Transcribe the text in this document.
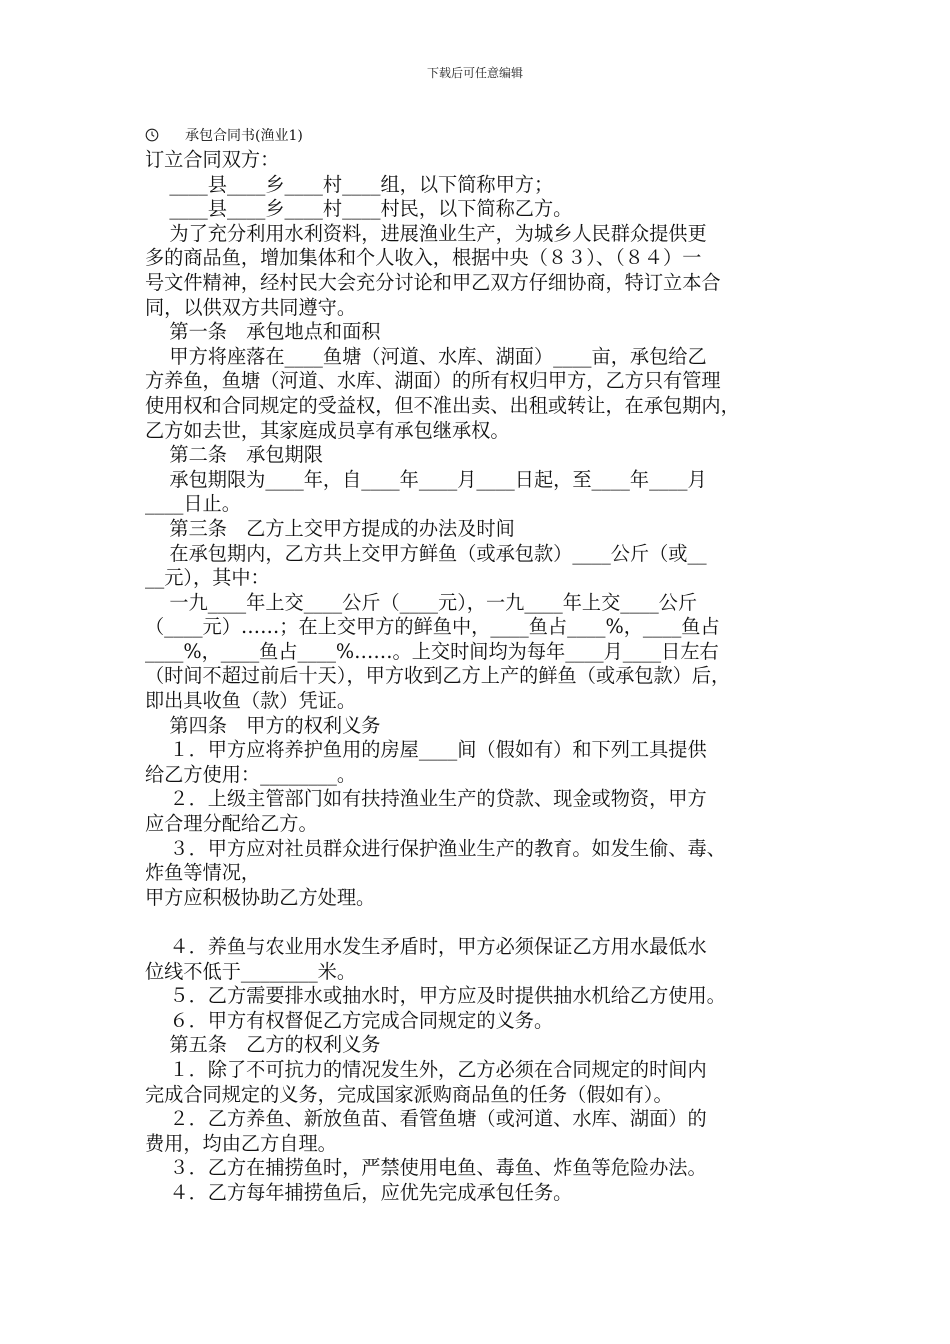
下载后可任意编辑
承包合同书(渔业1)
订立合同双方：
____县____乡____村____组，以下简称甲方；
____县____乡____村____村民，以下简称乙方。
为了充分利用水利资料，进展渔业生产，为城乡人民群众提供更
多的商品鱼，增加集体和个人收入，根据中央（８３）、（８４）一
号文件精神，经村民大会充分讨论和甲乙双方仔细协商，特订立本合
同，以供双方共同遵守。
第一条　承包地点和面积
甲方将座落在____鱼塘（河道、水库、湖面）____亩，承包给乙
方养鱼，鱼塘（河道、水库、湖面）的所有权归甲方，乙方只有管理
使用权和合同规定的受益权，但不准出卖、出租或转让，在承包期内，
乙方如去世，其家庭成员享有承包继承权。
第二条　承包期限
承包期限为____年，自____年____月____日起，至____年____月
____日止。
第三条　乙方上交甲方提成的办法及时间
在承包期内，乙方共上交甲方鲜鱼（或承包款）____公斤（或__
__元），其中：
一九____年上交____公斤（____元），一九____年上交____公斤
（____元）……；在上交甲方的鲜鱼中，____鱼占____%，____鱼占
____%，____鱼占____%……。上交时间均为每年____月____日左右
（时间不超过前后十天），甲方收到乙方上产的鲜鱼（或承包款）后，
即出具收鱼（款）凭证。
第四条　甲方的权利义务
１．甲方应将养护鱼用的房屋____间（假如有）和下列工具提供
给乙方使用：________。
２．上级主管部门如有扶持渔业生产的贷款、现金或物资，甲方
应合理分配给乙方。
３．甲方应对社员群众进行保护渔业生产的教育。如发生偷、毒、
炸鱼等情况，
甲方应积极协助乙方处理。
４．养鱼与农业用水发生矛盾时，甲方必须保证乙方用水最低水
位线不低于________米。
５．乙方需要排水或抽水时，甲方应及时提供抽水机给乙方使用。
６．甲方有权督促乙方完成合同规定的义务。
第五条　乙方的权利义务
１．除了不可抗力的情况发生外，乙方必须在合同规定的时间内
完成合同规定的义务，完成国家派购商品鱼的任务（假如有）。
２．乙方养鱼、新放鱼苗、看管鱼塘（或河道、水库、湖面）的
费用，均由乙方自理。
３．乙方在捕捞鱼时，严禁使用电鱼、毒鱼、炸鱼等危险办法。
４．乙方每年捕捞鱼后，应优先完成承包任务。
